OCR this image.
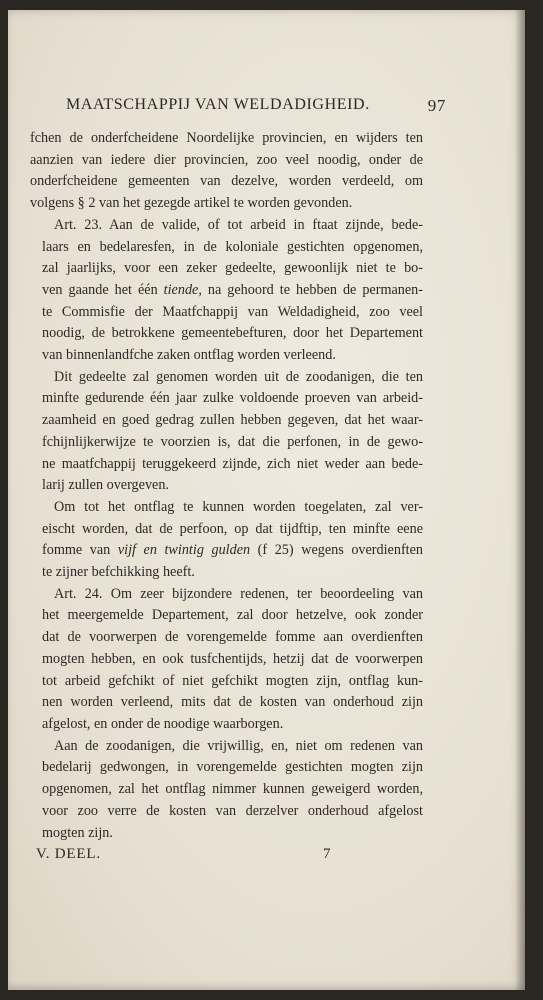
MAATSCHAPPIJ VAN WELDADIGHEID.	97

fchen de onderfcheidene Noordelijke provincien, en wijders ten
aanzien van iedere dier provincien, zoo veel noodig, onder de
onderfcheidene gemeenten van dezelve, worden verdeeld, om
volgens § 2 van het gezegde artikel te worden gevonden.

Art. 23. Aan de valide, of tot arbeid in ftaat zijnde, bede-
laars en bedelaresfen, in de koloniale gestichten opgenomen,
zal jaarlijks, voor een zeker gedeelte, gewoonlijk niet te bo-
ven gaande het één tiende, na gehoord te hebben de permanen-
te Commisfie der Maatfchappij van Weldadigheid, zoo veel
noodig, de betrokkene gemeentebefturen, door het Departement
van binnenlandfche zaken ontflag worden verleend.

Dit gedeelte zal genomen worden uit de zoodanigen, die ten
minfte gedurende één jaar zulke voldoende proeven van arbeid-
zaamheid en goed gedrag zullen hebben gegeven, dat het waar-
fchijnlijkerwijze te voorzien is, dat die perfonen, in de gewo-
ne maatfchappij teruggekeerd zijnde, zich niet weder aan bede-
larij zullen overgeven.

Om tot het ontflag te kunnen worden toegelaten, zal ver-
eischt worden, dat de perfoon, op dat tijdftip, ten minfte eene
fomme van vijf en twintig gulden (f 25) wegens overdienften
te zijner befchikking heeft.

Art. 24. Om zeer bijzondere redenen, ter beoordeeling van
het meergemelde Departement, zal door hetzelve, ook zonder
dat de voorwerpen de vorengemelde fomme aan overdienften
mogten hebben, en ook tusfchentijds, hetzij dat de voorwerpen
tot arbeid gefchikt of niet gefchikt mogten zijn, ontflag kun-
nen worden verleend, mits dat de kosten van onderhoud zijn
afgelost, en onder de noodige waarborgen.

Aan de zoodanigen, die vrijwillig, en, niet om redenen van
bedelarij gedwongen, in vorengemelde gestichten mogten zijn
opgenomen, zal het ontflag nimmer kunnen geweigerd worden,
voor zoo verre de kosten van derzelver onderhoud afgelost
mogten zijn.

V. DEEL.	7
